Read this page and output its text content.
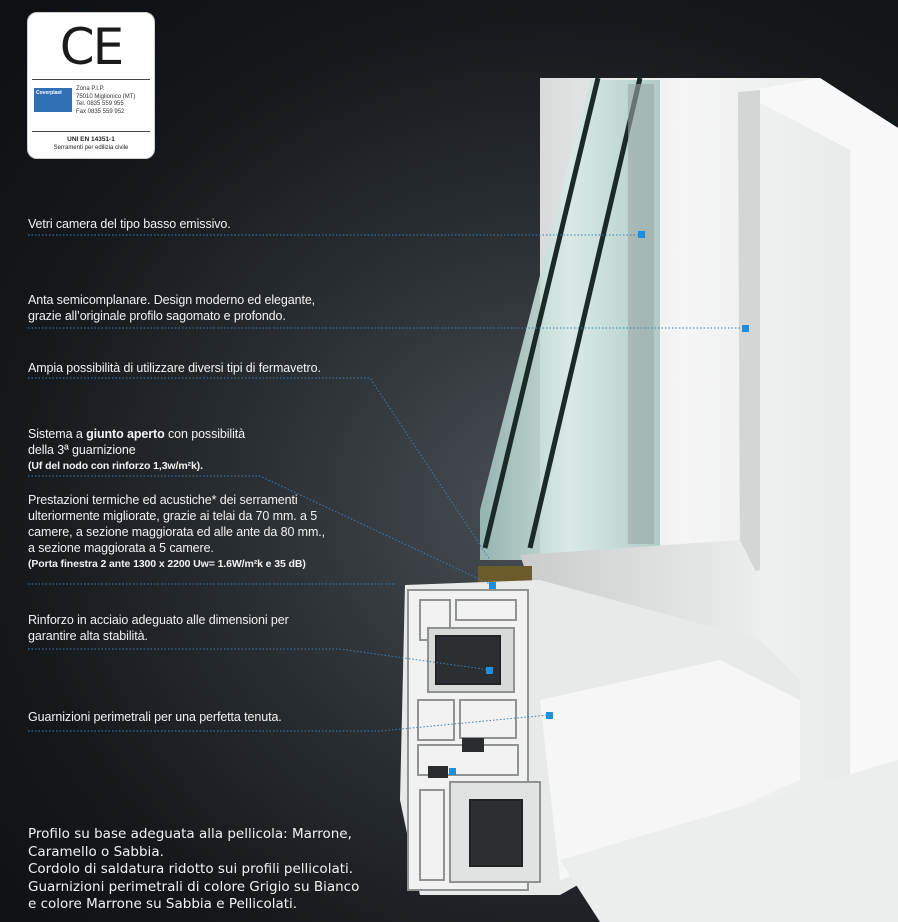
CE
Coverplast
Zona P.I.P.
75010 Miglionico (MT)
Tel. 0835 559 955
Fax 0835 559 952
UNI EN 14351-1
Serramenti per edilizia civile
Vetri camera del tipo basso emissivo.
Anta semicomplanare. Design moderno ed elegante,
grazie all’originale profilo sagomato e profondo.
Ampia possibilità di utilizzare diversi tipi di fermavetro.
Sistema a giunto aperto con possibilità
della 3ª guarnizione
(Uf del nodo con rinforzo 1,3w/m²k).
Prestazioni termiche ed acustiche* dei serramenti
ulteriormente migliorate, grazie ai telai da 70 mm. a 5
camere, a sezione maggiorata ed alle ante da 80 mm.,
a sezione maggiorata a 5 camere.
(Porta finestra 2 ante 1300 x 2200 Uw= 1.6W/m²k e 35 dB)
Rinforzo in acciaio adeguato alle dimensioni per
garantire alta stabilità.
Guarnizioni perimetrali per una perfetta tenuta.
Profilo su base adeguata alla pellicola: Marrone,
Caramello o Sabbia.
Cordolo di saldatura ridotto sui profili pellicolati.
Guarnizioni perimetrali di colore Grigio su Bianco
e colore Marrone su Sabbia e Pellicolati.
